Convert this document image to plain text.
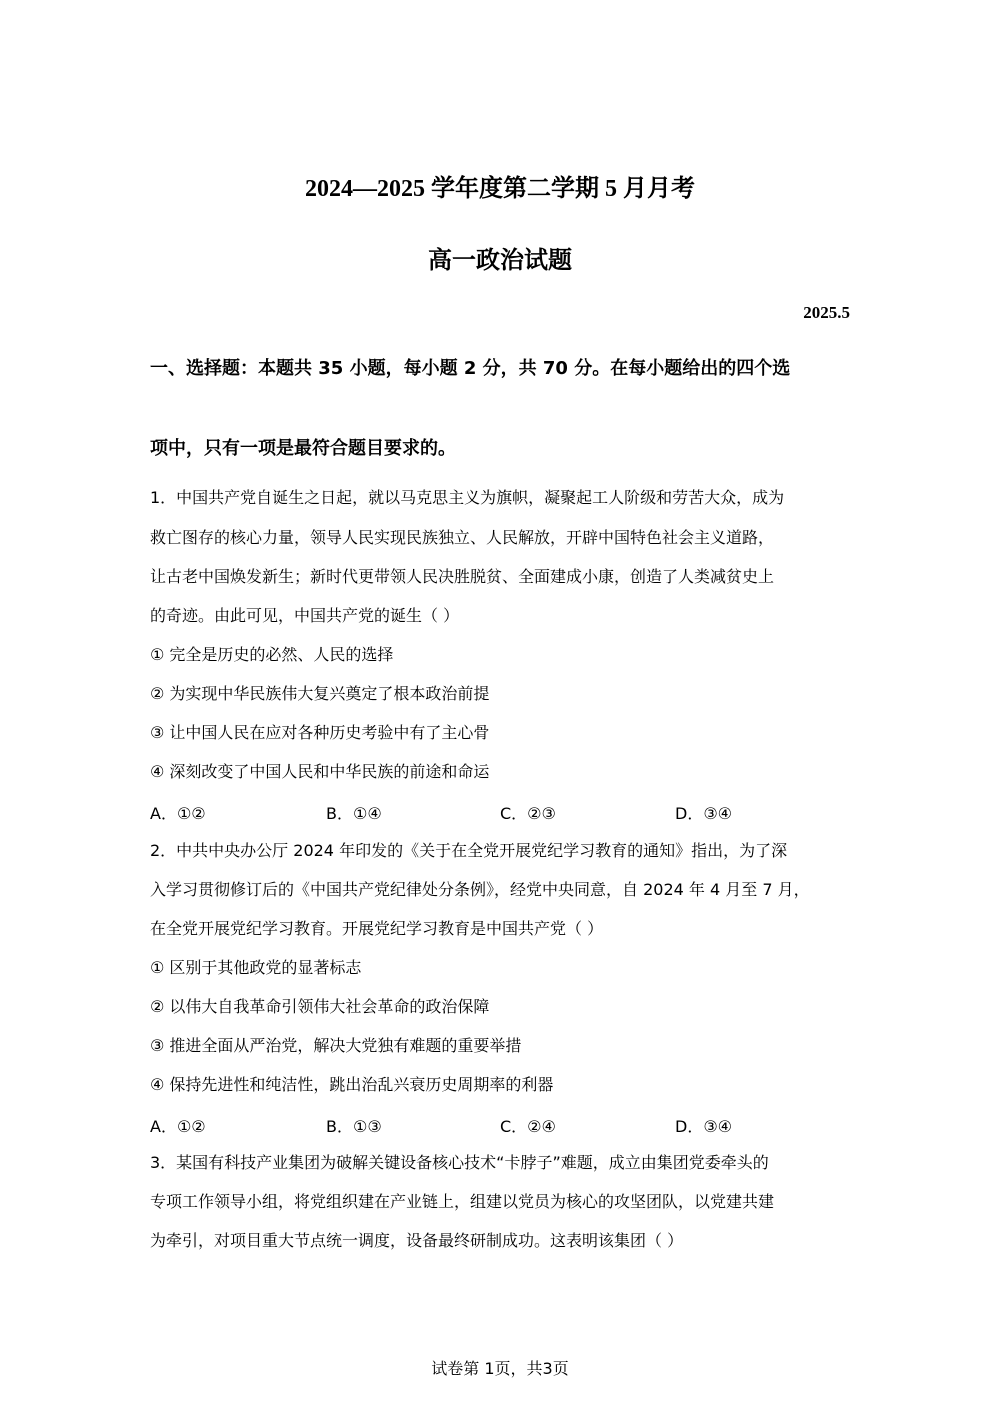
2024—2025 学年度第二学期 5 月月考
高一政治试题
2025.5
一、选择题：本题共 35 小题，每小题 2 分，共 70 分。在每小题给出的四个选
项中，只有一项是最符合题目要求的。
1．中国共产党自诞生之日起，就以马克思主义为旗帜，凝聚起工人阶级和劳苦大众，成为
救亡图存的核心力量，领导人民实现民族独立、人民解放，开辟中国特色社会主义道路，
让古老中国焕发新生；新时代更带领人民决胜脱贫、全面建成小康，创造了人类减贫史上
的奇迹。由此可见，中国共产党的诞生（ ）
① 完全是历史的必然、人民的选择
② 为实现中华民族伟大复兴奠定了根本政治前提
③ 让中国人民在应对各种历史考验中有了主心骨
④ 深刻改变了中国人民和中华民族的前途和命运
A．①②	B．①④	C．②③	D．③④
2．中共中央办公厅 2024 年印发的《关于在全党开展党纪学习教育的通知》指出，为了深
入学习贯彻修订后的《中国共产党纪律处分条例》，经党中央同意，自 2024 年 4 月至 7 月，
在全党开展党纪学习教育。开展党纪学习教育是中国共产党（ ）
① 区别于其他政党的显著标志
② 以伟大自我革命引领伟大社会革命的政治保障
③ 推进全面从严治党，解决大党独有难题的重要举措
④ 保持先进性和纯洁性，跳出治乱兴衰历史周期率的利器
A．①②	B．①③	C．②④	D．③④
3．某国有科技产业集团为破解关键设备核心技术“卡脖子”难题，成立由集团党委牵头的
专项工作领导小组，将党组织建在产业链上，组建以党员为核心的攻坚团队，以党建共建
为牵引，对项目重大节点统一调度，设备最终研制成功。这表明该集团（ ）
试卷第 1页，共3页
